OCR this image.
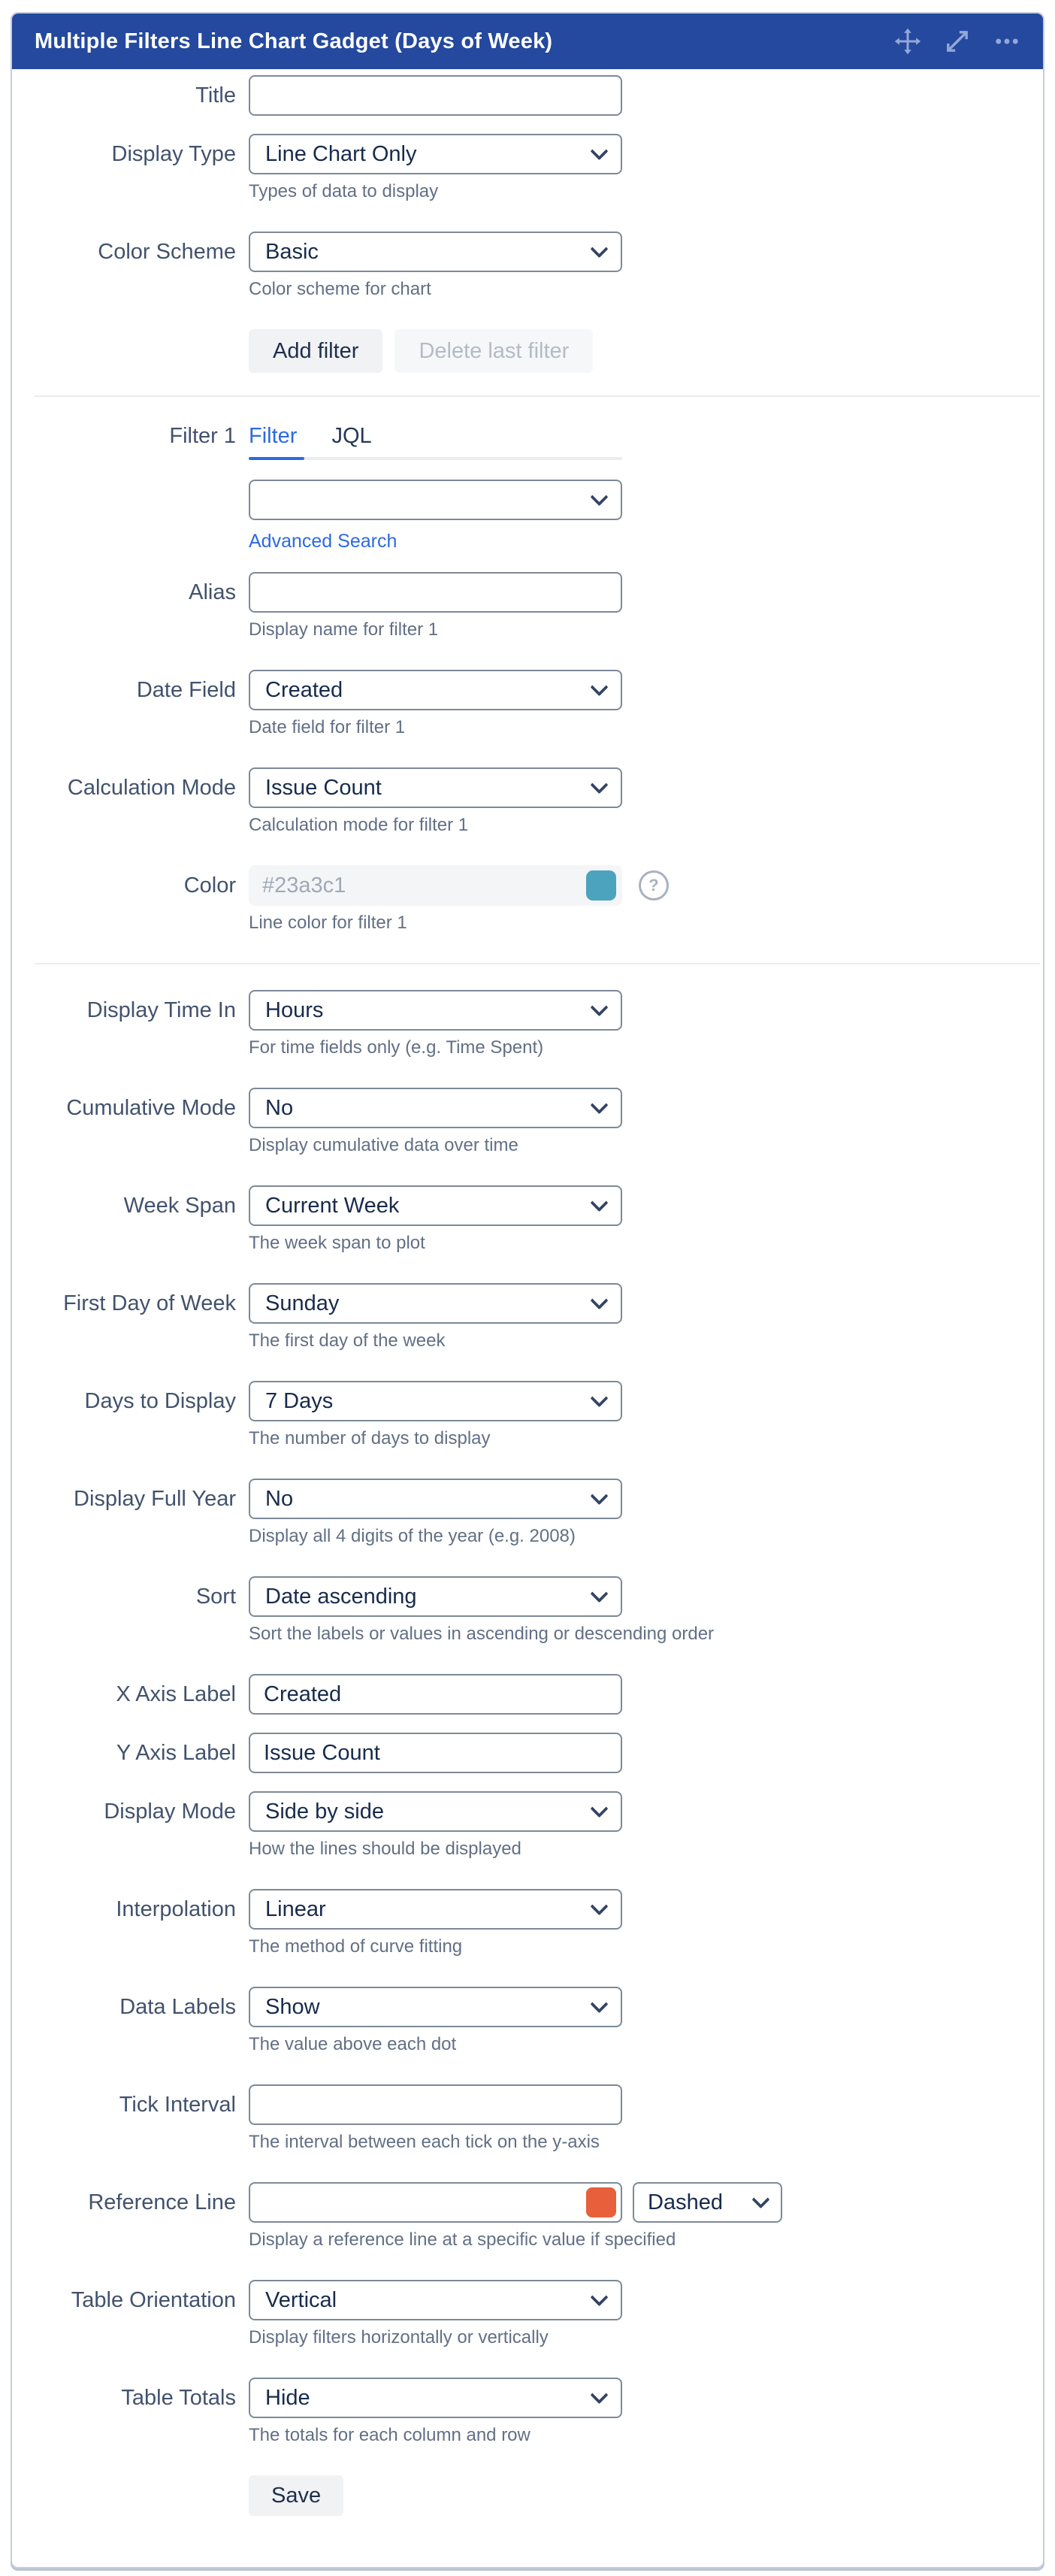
Multiple Filters Line Chart Gadget (Days of Week)
Title
Display Type Line Chart Only
Types of data to display
Color Scheme Basic
Color scheme for chart
Add filter	Delete last filter
Filter 1 Filter JQL
Advanced Search
Alias
Display name for filter 1
Date Field Created
Date field for filter 1
Calculation Mode Issue Count
Calculation mode for filter 1
Color
#23a3c1	?
Line color for filter 1
Display Time In Hours
For time fields only (e.g. Time Spent)
Cumulative Mode No
Display cumulative data over time
Week Span Current Week
The week span to plot
First Day of Week Sunday
The first day of the week
Days to Display 7 Days
The number of days to display
Display Full Year No
Display all 4 digits of the year (e.g. 2008)
Sort Date ascending
Sort the labels or values in ascending or descending order
X Axis Label
Created
Y Axis Label
Issue Count
Display Mode Side by side
How the lines should be displayed
Interpolation Linear
The method of curve fitting
Data Labels Show
The value above each dot
Tick Interval
The interval between each tick on the y-axis
Reference Line	Dashed
Display a reference line at a specific value if specified
Table Orientation Vertical
Display filters horizontally or vertically
Table Totals Hide
The totals for each column and row
Save
